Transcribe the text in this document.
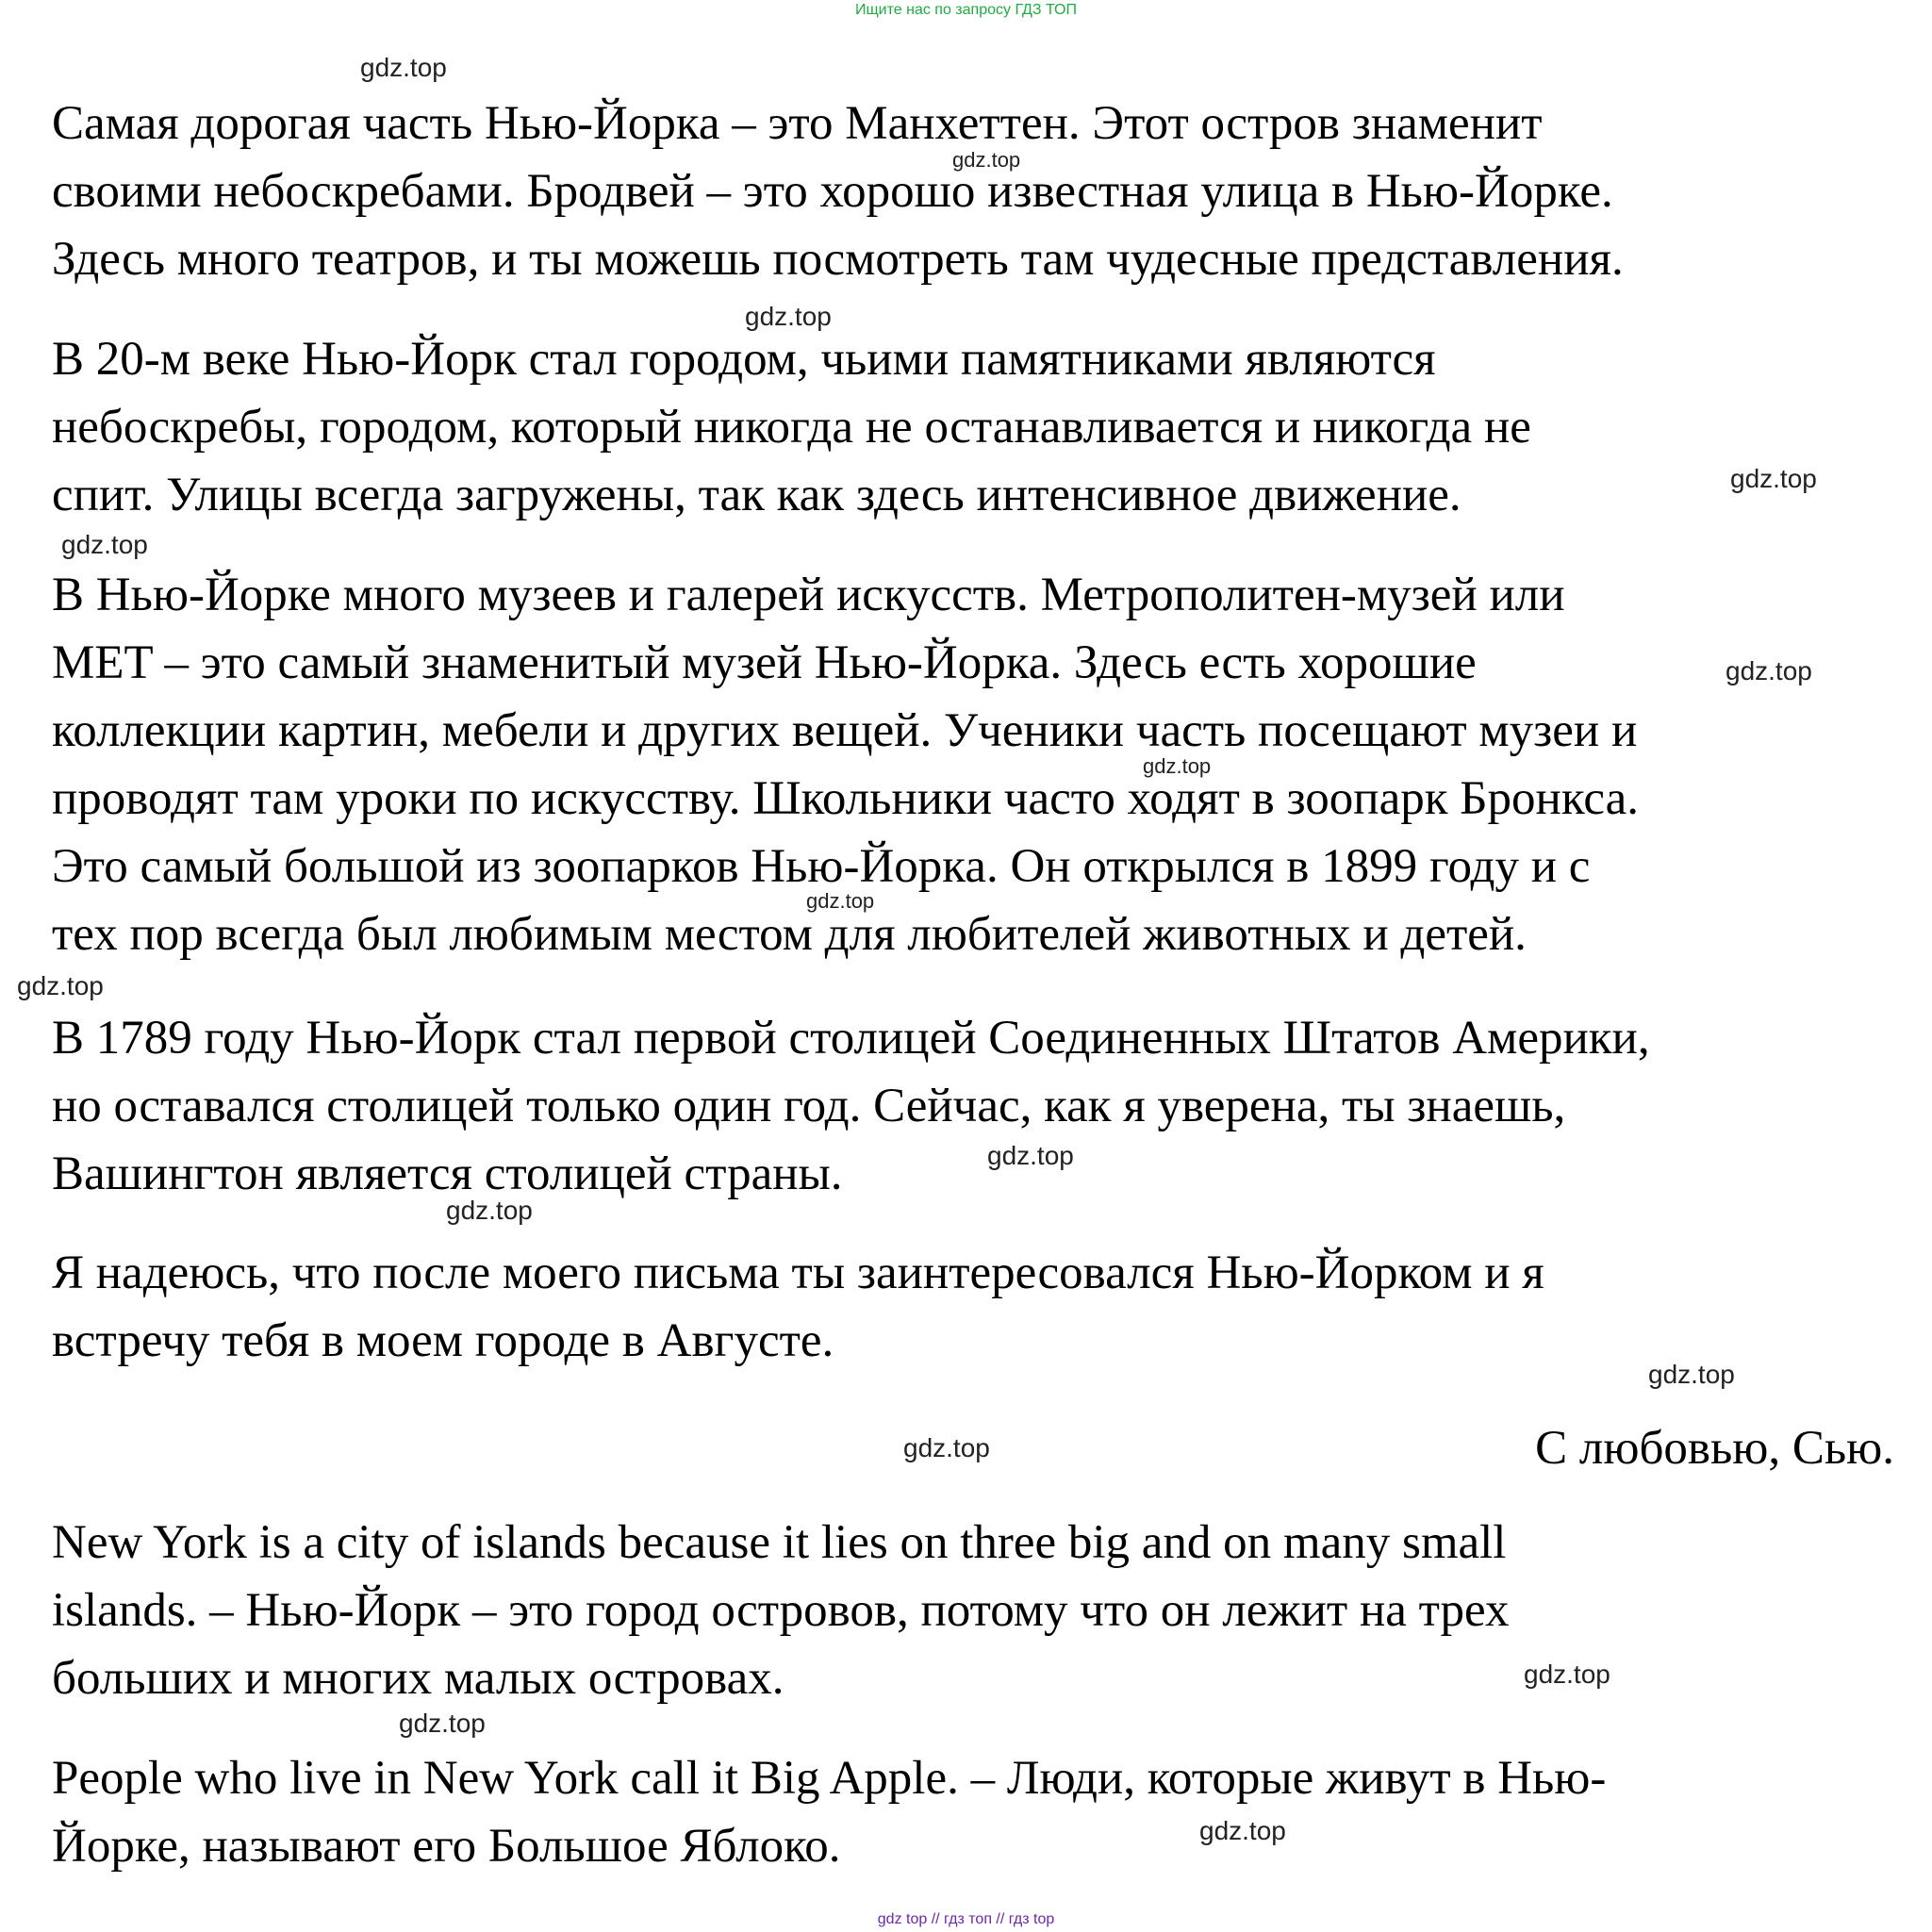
Ищите нас по запросу ГДЗ ТОП

Самая дорогая часть Нью-Йорка – это Манхеттен. Этот остров знаменит
своими небоскребами. Бродвей – это хорошо известная улица в Нью-Йорке.
Здесь много театров, и ты можешь посмотреть там чудесные представления.

В 20-м веке Нью-Йорк стал городом, чьими памятниками являются
небоскребы, городом, который никогда не останавливается и никогда не
спит. Улицы всегда загружены, так как здесь интенсивное движение.

В Нью-Йорке много музеев и галерей искусств. Метрополитен-музей или
MET – это самый знаменитый музей Нью-Йорка. Здесь есть хорошие
коллекции картин, мебели и других вещей. Ученики часть посещают музеи и
проводят там уроки по искусству. Школьники часто ходят в зоопарк Бронкса.
Это самый большой из зоопарков Нью-Йорка. Он открылся в 1899 году и с
тех пор всегда был любимым местом для любителей животных и детей.

В 1789 году Нью-Йорк стал первой столицей Соединенных Штатов Америки,
но оставался столицей только один год. Сейчас, как я уверена, ты знаешь,
Вашингтон является столицей страны.

Я надеюсь, что после моего письма ты заинтересовался Нью-Йорком и я
встречу тебя в моем городе в Августе.

С любовью, Сью.

New York is a city of islands because it lies on three big and on many small
islands. – Нью-Йорк – это город островов, потому что он лежит на трех
больших и многих малых островах.

People who live in New York call it Big Apple. – Люди, которые живут в Нью-
Йорке, называют его Большое Яблоко.

gdz.top
gdz.top
gdz.top
gdz.top
gdz.top
gdz.top
gdz.top
gdz.top
gdz.top
gdz.top
gdz.top
gdz.top
gdz.top
gdz.top
gdz.top
gdz.top
gdz top // гдз топ // гдз top
